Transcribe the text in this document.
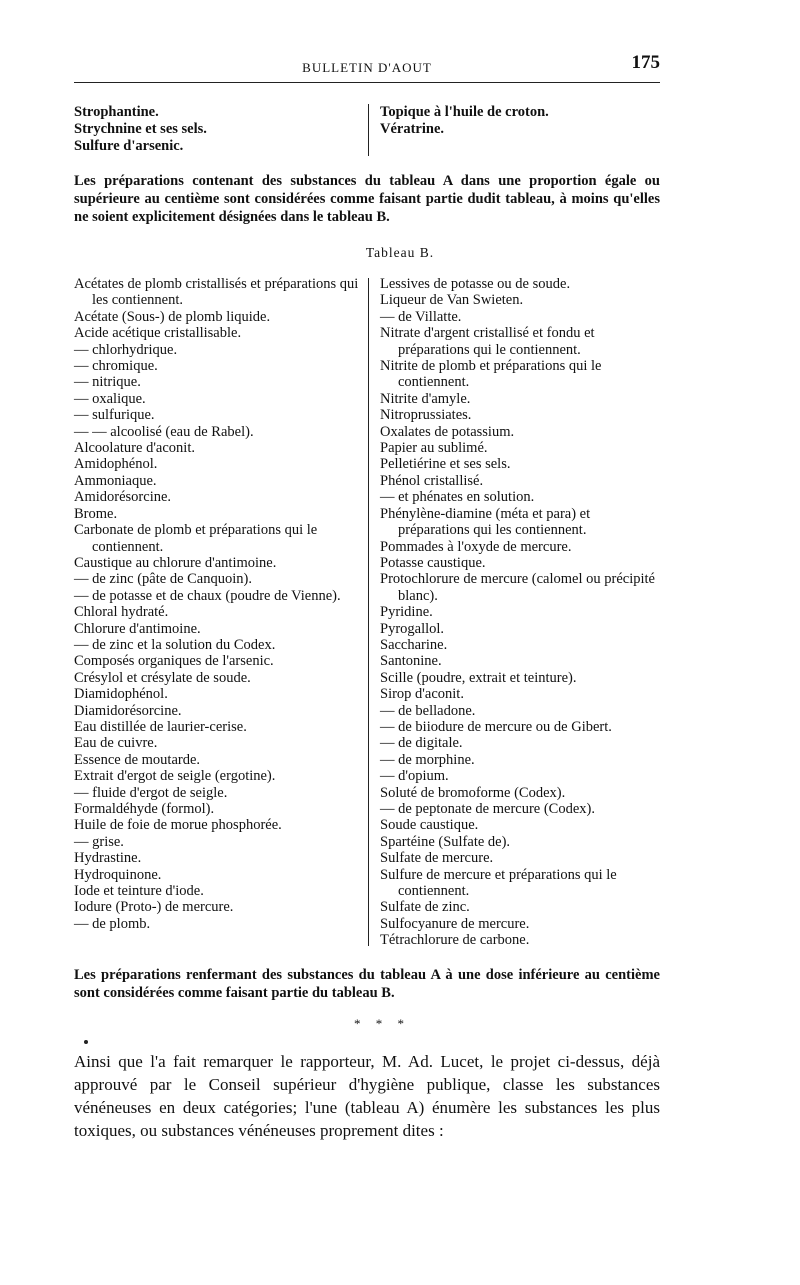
BULLETIN D'AOUT	175
Strophantine.
Strychnine et ses sels.
Sulfure d'arsenic.
Topique à l'huile de croton.
Vératrine.
Les préparations contenant des substances du tableau A dans une proportion égale ou supérieure au centième sont considérées comme faisant partie dudit tableau, à moins qu'elles ne soient explicitement désignées dans le tableau B.
Tableau B.

Acétates de plomb cristallisés et préparations qui les contiennent.

Acétate (Sous-) de plomb liquide.

Acide acétique cristallisable.

— chlorhydrique.

— chromique.

— nitrique.

— oxalique.

— sulfurique.

— — alcoolisé (eau de Rabel).

Alcoolature d'aconit.

Amidophénol.

Ammoniaque.

Amidorésorcine.

Brome.

Carbonate de plomb et préparations qui le contiennent.

Caustique au chlorure d'antimoine.

— de zinc (pâte de Canquoin).

— de potasse et de chaux (poudre de Vienne).

Chloral hydraté.

Chlorure d'antimoine.

— de zinc et la solution du Codex.

Composés organiques de l'arsenic.

Crésylol et crésylate de soude.

Diamidophénol.

Diamidorésorcine.

Eau distillée de laurier-cerise.

Eau de cuivre.

Essence de moutarde.

Extrait d'ergot de seigle (ergotine).

— fluide d'ergot de seigle.

Formaldéhyde (formol).

Huile de foie de morue phosphorée.

— grise.

Hydrastine.

Hydroquinone.

Iode et teinture d'iode.

Iodure (Proto-) de mercure.

— de plomb.

Lessives de potasse ou de soude.

Liqueur de Van Swieten.

— de Villatte.

Nitrate d'argent cristallisé et fondu et préparations qui le contiennent.

Nitrite de plomb et préparations qui le contiennent.

Nitrite d'amyle.

Nitroprussiates.

Oxalates de potassium.

Papier au sublimé.

Pelletiérine et ses sels.

Phénol cristallisé.

— et phénates en solution.

Phénylène-diamine (méta et para) et préparations qui les contiennent.

Pommades à l'oxyde de mercure.

Potasse caustique.

Protochlorure de mercure (calomel ou précipité blanc).

Pyridine.

Pyrogallol.

Saccharine.

Santonine.

Scille (poudre, extrait et teinture).

Sirop d'aconit.

— de belladone.

— de biiodure de mercure ou de Gibert.

— de digitale.

— de morphine.

— d'opium.

Soluté de bromoforme (Codex).

— de peptonate de mercure (Codex).

Soude caustique.

Spartéine (Sulfate de).

Sulfate de mercure.

Sulfure de mercure et préparations qui le contiennent.

Sulfate de zinc.

Sulfocyanure de mercure.

Tétrachlorure de carbone.

Les préparations renfermant des substances du tableau A à une dose inférieure au centième sont considérées comme faisant partie du tableau B.
* * *
Ainsi que l'a fait remarquer le rapporteur, M. Ad. Lucet, le projet ci-dessus, déjà approuvé par le Conseil supérieur d'hygiène publique, classe les substances vénéneuses en deux catégories; l'une (tableau A) énumère les substances les plus toxiques, ou substances vénéneuses proprement dites :
